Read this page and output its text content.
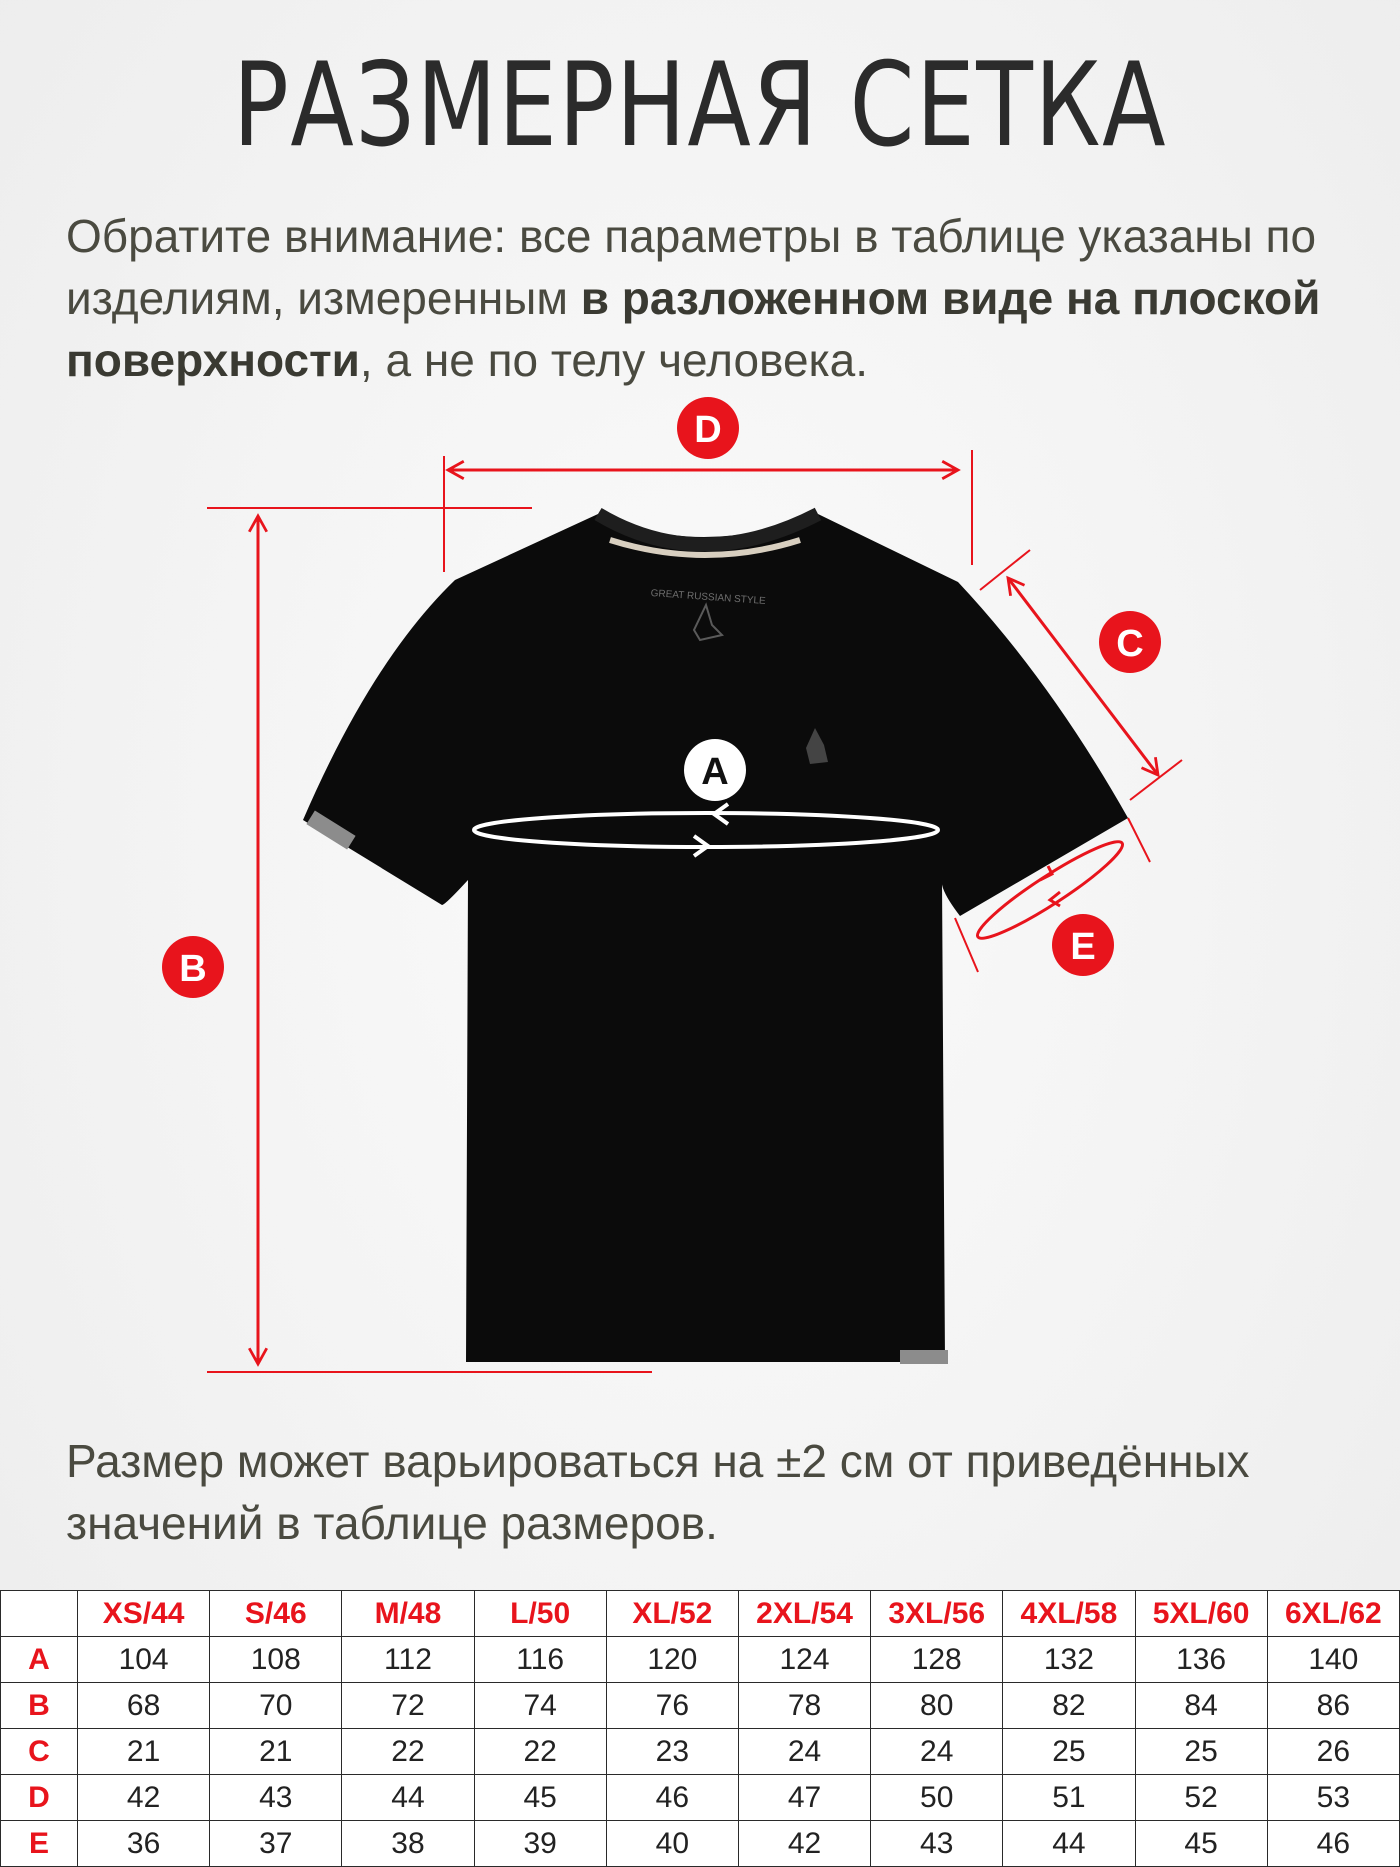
РАЗМЕРНАЯ СЕТКА
Обратите внимание: все параметры в таблице указаны по изделиям, измеренным в разложенном виде на плоской поверхности, а не по телу человека.
GREAT RUSSIAN STYLE
D
C
B
E
A
Размер может варьироваться на ±2 см от приведённых значений в таблице размеров.
	XS/44	S/46	M/48	L/50	XL/52	2XL/54	3XL/56	4XL/58	5XL/60	6XL/62
A	104	108	112	116	120	124	128	132	136	140
B	68	70	72	74	76	78	80	82	84	86
C	21	21	22	22	23	24	24	25	25	26
D	42	43	44	45	46	47	50	51	52	53
E	36	37	38	39	40	42	43	44	45	46
